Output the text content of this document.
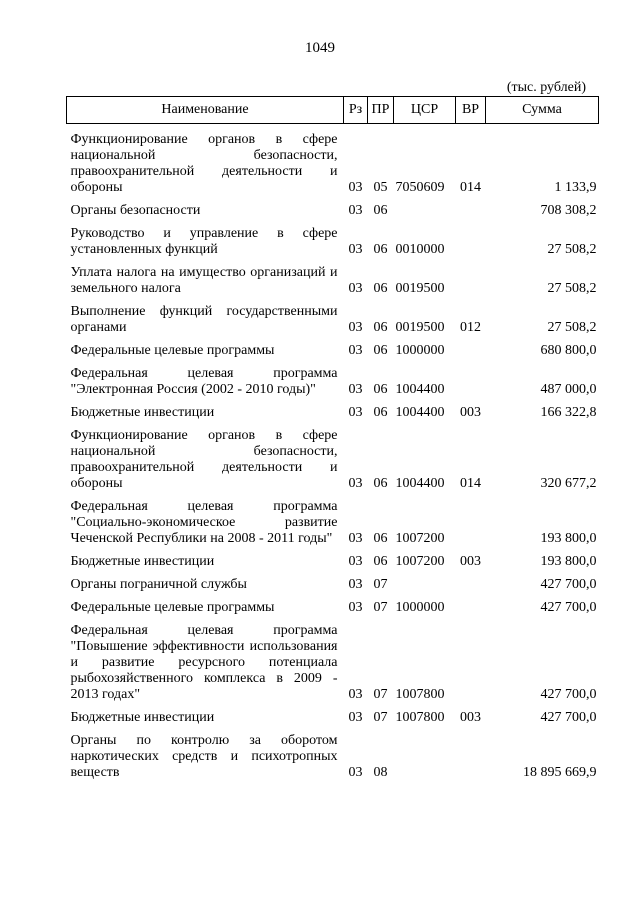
1049
(тыс. рублей)
Наименование	Рз	ПР	ЦСР	ВР	Сумма
Функционирование органов в сфере национальной безопасности, правоохранительной деятельности и обороны	03	05	7050609	014	1 133,9
Органы безопасности	03	06			708 308,2
Руководство и управление в сфере установленных функций	03	06	0010000		27 508,2
Уплата налога на имущество организаций и земельного налога	03	06	0019500		27 508,2
Выполнение функций государственными органами	03	06	0019500	012	27 508,2
Федеральные целевые программы	03	06	1000000		680 800,0
Федеральная целевая программа "Электронная Россия (2002 - 2010 годы)"	03	06	1004400		487 000,0
Бюджетные инвестиции	03	06	1004400	003	166 322,8
Функционирование органов в сфере национальной безопасности, правоохранительной деятельности и обороны	03	06	1004400	014	320 677,2
Федеральная целевая программа "Социально-экономическое развитие Чеченской Республики на 2008 - 2011 годы"	03	06	1007200		193 800,0
Бюджетные инвестиции	03	06	1007200	003	193 800,0
Органы пограничной службы	03	07			427 700,0
Федеральные целевые программы	03	07	1000000		427 700,0
Федеральная целевая программа "Повышение эффективности использования и развитие ресурсного потенциала рыбохозяйственного комплекса в 2009 - 2013 годах"	03	07	1007800		427 700,0
Бюджетные инвестиции	03	07	1007800	003	427 700,0
Органы по контролю за оборотом наркотических средств и психотропных веществ	03	08			18 895 669,9
